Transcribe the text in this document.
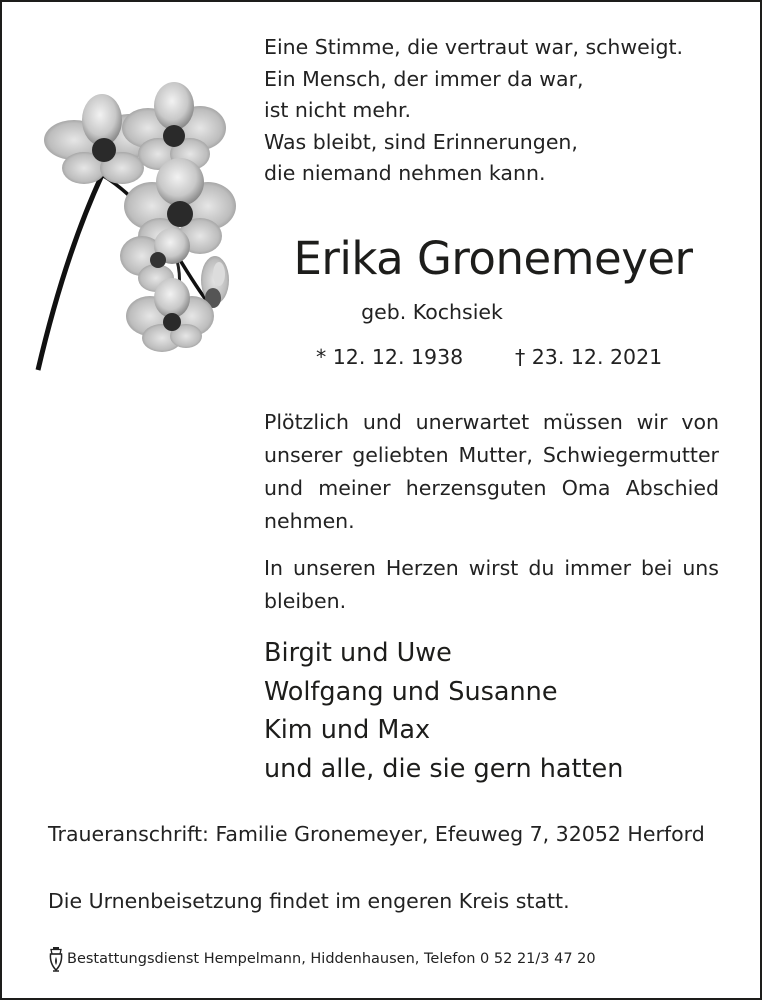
Eine Stimme, die vertraut war, schweigt.
Ein Mensch, der immer da war,
ist nicht mehr.
Was bleibt, sind Erinnerungen,
die niemand nehmen kann.
Erika Gronemeyer
geb. Kochsiek
* 12. 12. 1938	† 23. 12. 2021

Plötzlich und unerwartet müssen wir von unserer geliebten Mutter, Schwiegermutter und meiner herzensguten Oma Abschied nehmen.

In unseren Herzen wirst du immer bei uns bleiben.

Birgit und Uwe
Wolfgang und Susanne
Kim und Max
und alle, die sie gern hatten
Traueranschrift: Familie Gronemeyer, Efeuweg 7, 32052 Herford
Die Urnenbeisetzung findet im engeren Kreis statt.
Bestattungsdienst Hempelmann, Hiddenhausen, Telefon 0 52 21/3 47 20
